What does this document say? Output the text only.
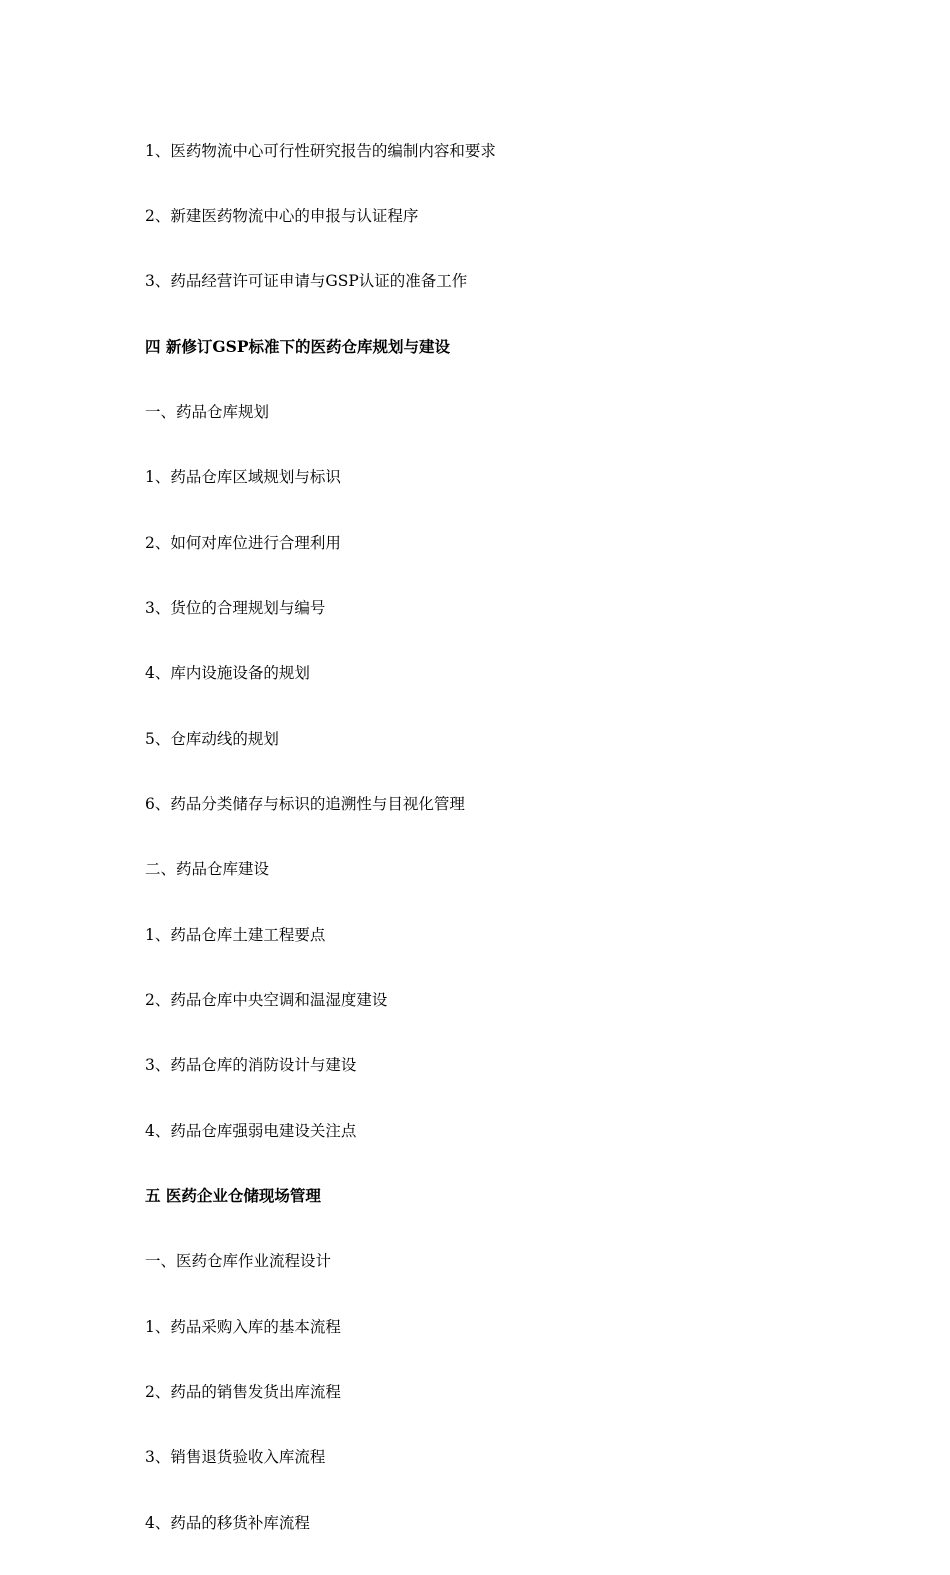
1、医药物流中心可行性研究报告的编制内容和要求

2、新建医药物流中心的申报与认证程序

3、药品经营许可证申请与GSP认证的准备工作

四 新修订GSP标准下的医药仓库规划与建设

一、药品仓库规划

1、药品仓库区域规划与标识

2、如何对库位进行合理利用

3、货位的合理规划与编号

4、库内设施设备的规划

5、仓库动线的规划

6、药品分类储存与标识的追溯性与目视化管理

二、药品仓库建设

1、药品仓库土建工程要点

2、药品仓库中央空调和温湿度建设

3、药品仓库的消防设计与建设

4、药品仓库强弱电建设关注点

五 医药企业仓储现场管理

一、医药仓库作业流程设计

1、药品采购入库的基本流程

2、药品的销售发货出库流程

3、销售退货验收入库流程

4、药品的移货补库流程
